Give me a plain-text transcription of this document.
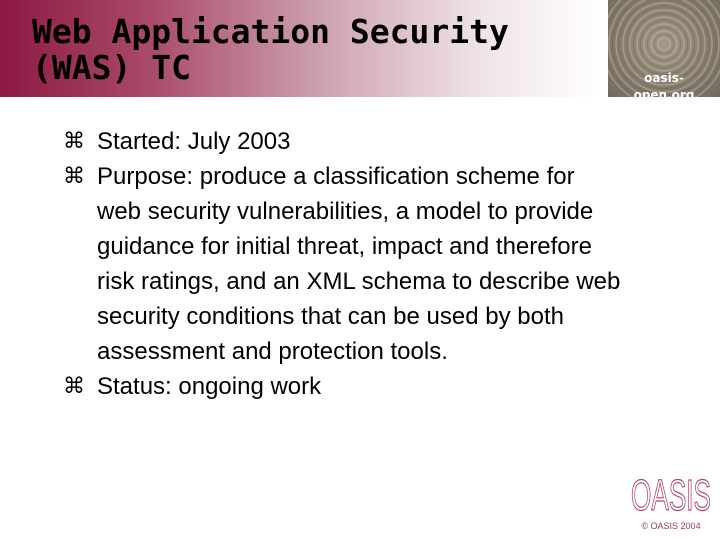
Web Application Security
(WAS) TC	oasis-
open.org
⌘ Started: July 2003
⌘ Purpose: produce a classification scheme for web security vulnerabilities, a model to provide guidance for initial threat, impact and therefore risk ratings, and an XML schema to describe web security conditions that can be used by both assessment and protection tools.
⌘ Status: ongoing work
OASIS
© OASIS 2004
